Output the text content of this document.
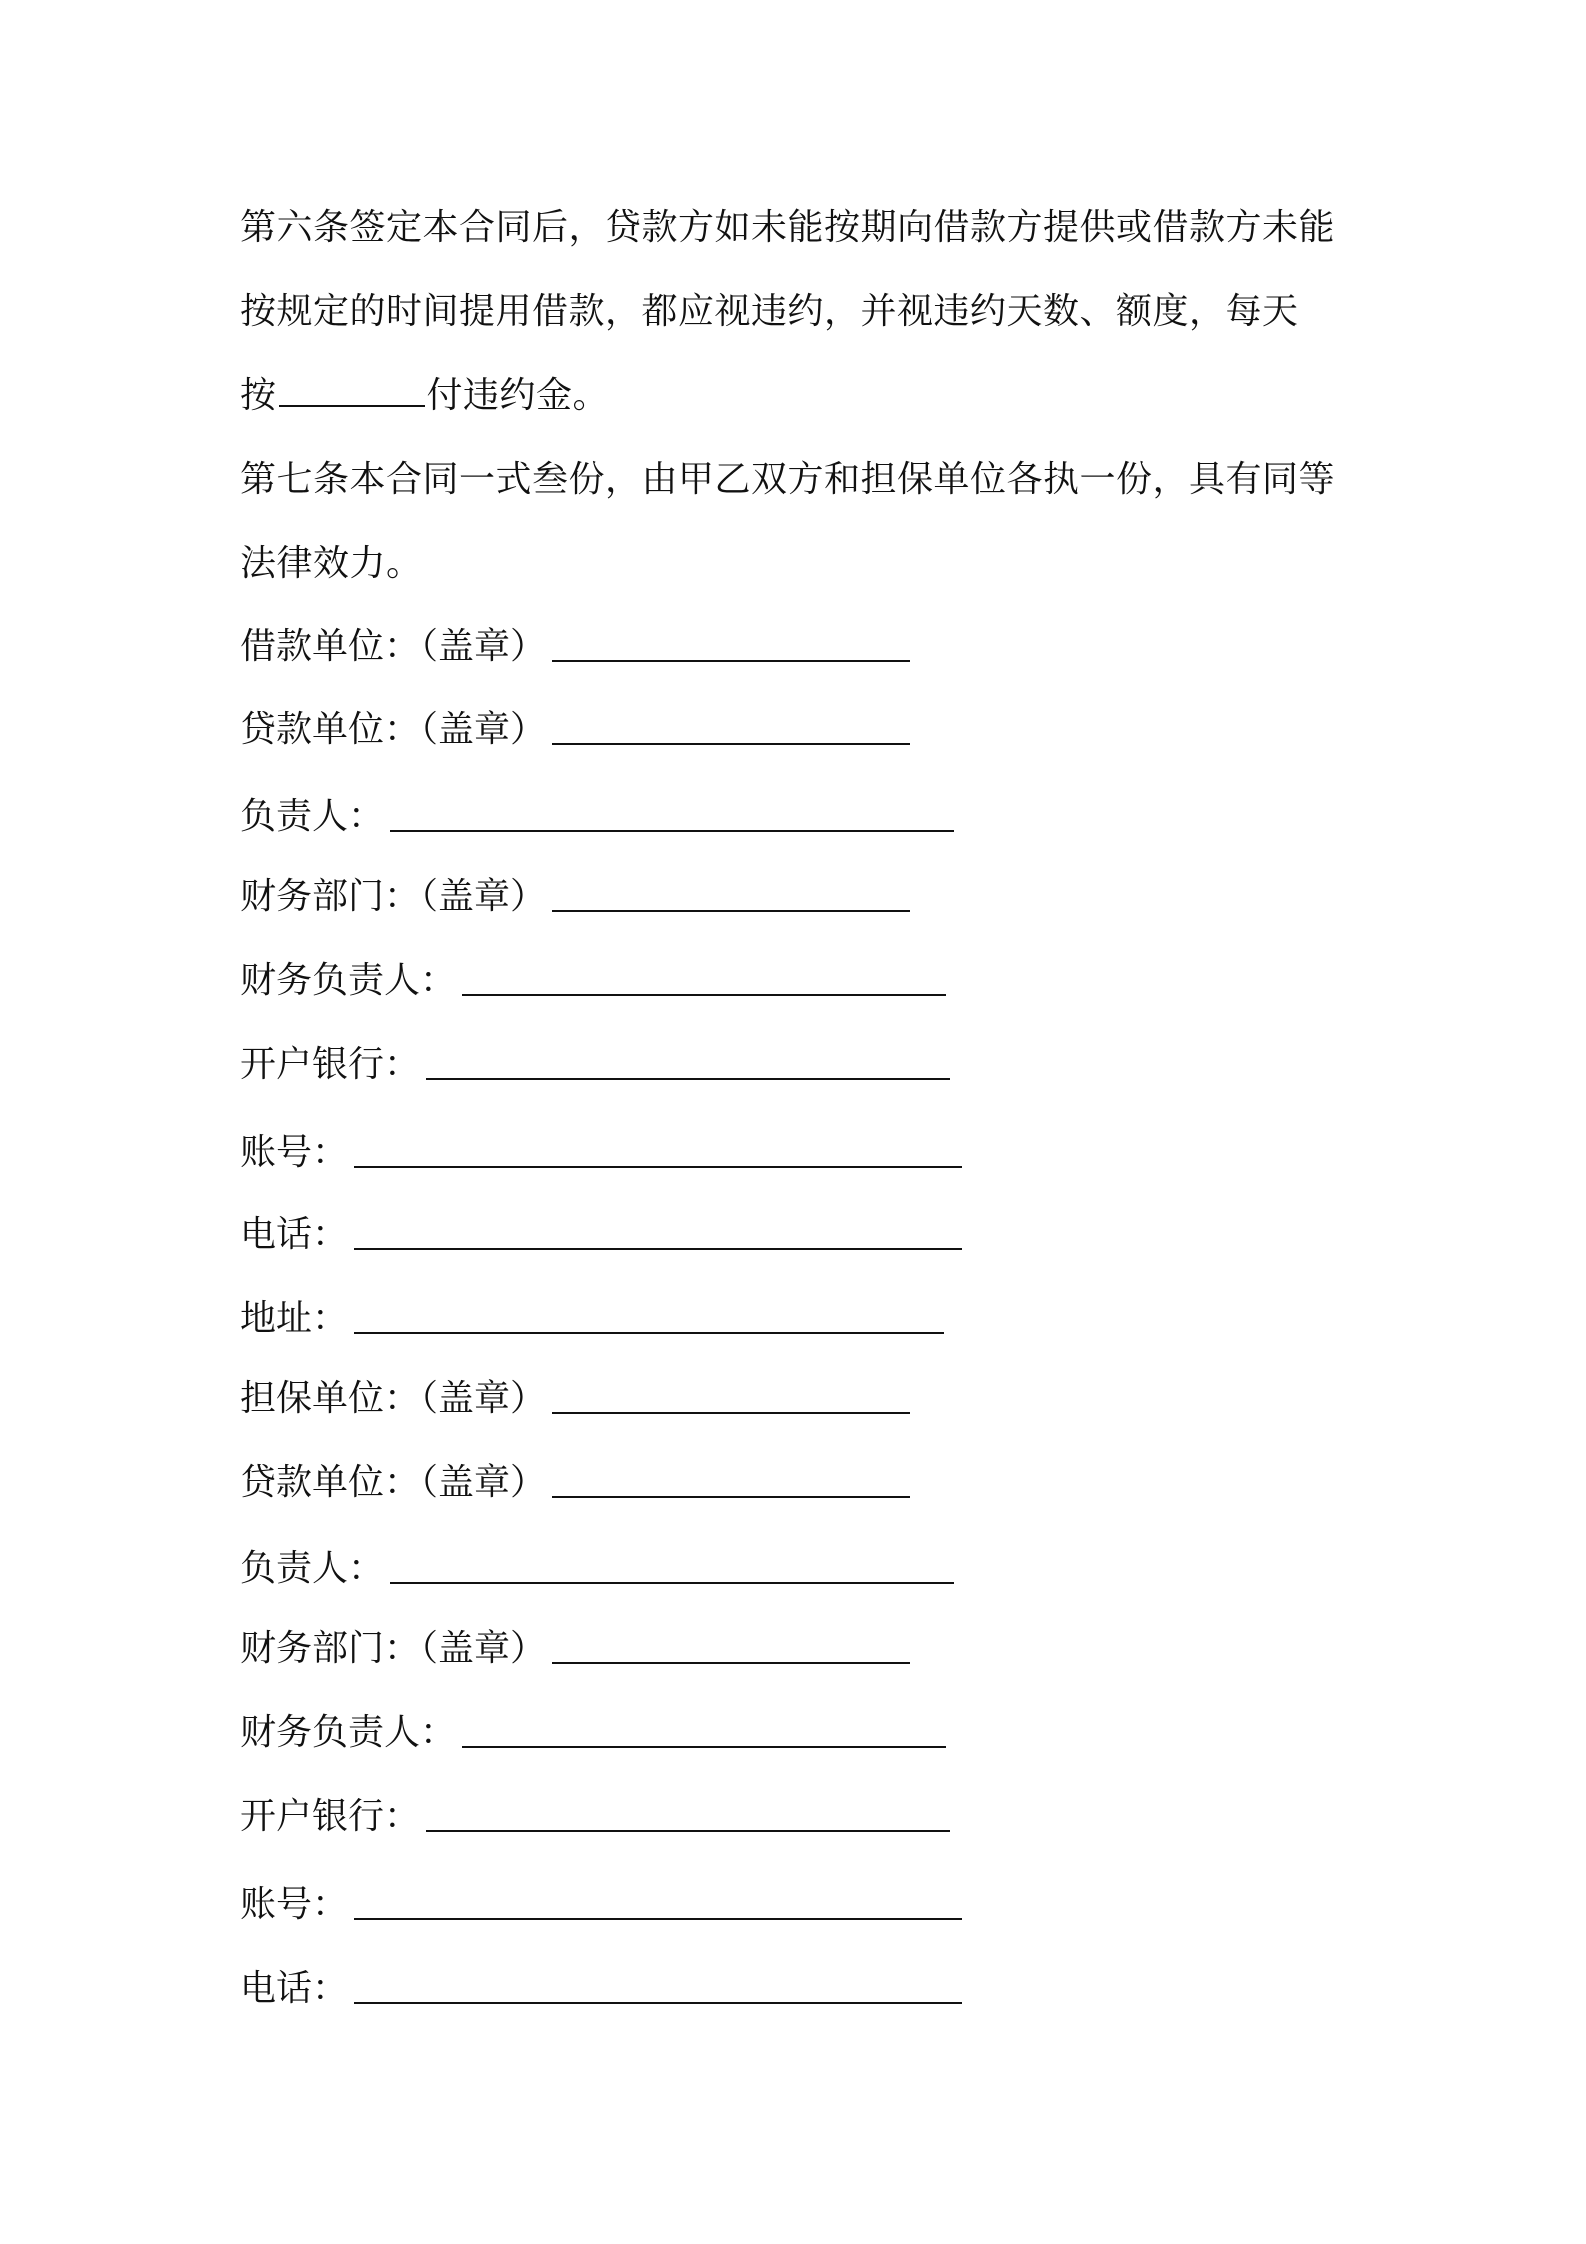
第六条签定本合同后，贷款方如未能按期向借款方提供或借款方未能
按规定的时间提用借款，都应视违约，并视违约天数、额度，每天
按	付违约金。
第七条本合同一式叁份，由甲乙双方和担保单位各执一份，具有同等
法律效力。
借款单位：（盖章）
贷款单位：（盖章）
负责人：
财务部门：（盖章）
财务负责人：
开户银行：
账号：
电话：
地址：
担保单位：（盖章）
贷款单位：（盖章）
负责人：
财务部门：（盖章）
财务负责人：
开户银行：
账号：
电话：
